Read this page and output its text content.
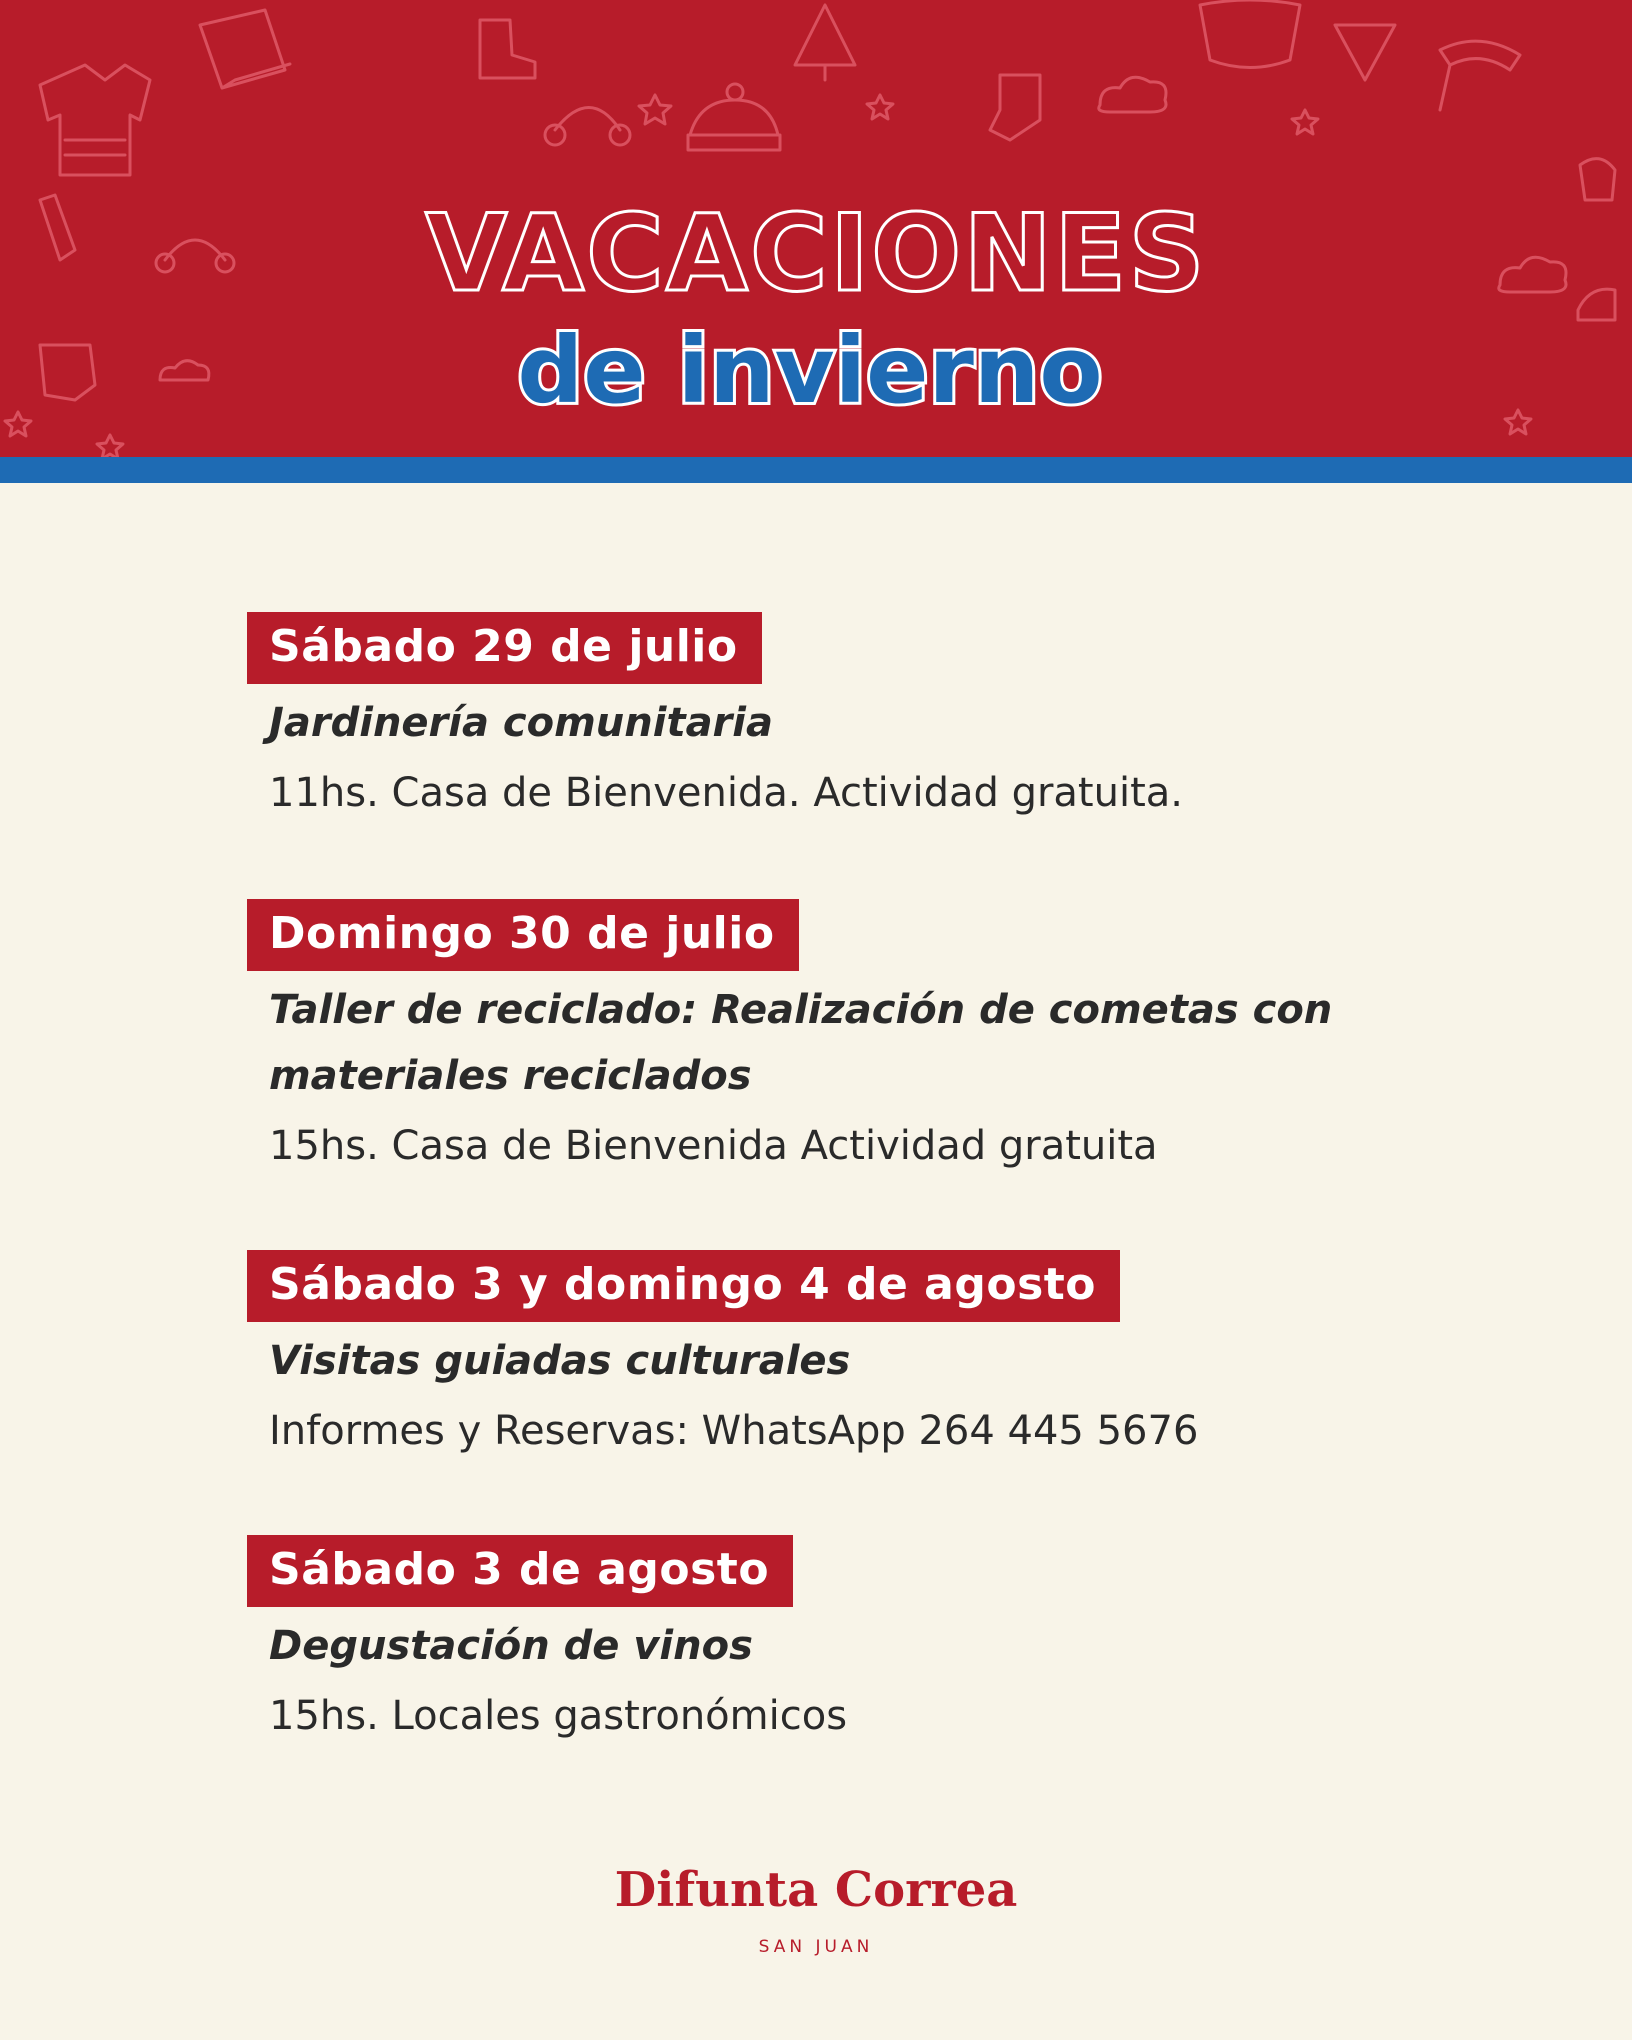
VACACIONES
de invierno
Sábado 29 de julio
Jardinería comunitaria
11hs. Casa de Bienvenida. Actividad gratuita.
Domingo 30 de julio
Taller de reciclado: Realización de cometas con materiales reciclados
15hs. Casa de Bienvenida Actividad gratuita
Sábado 3 y domingo 4 de agosto
Visitas guiadas culturales
Informes y Reservas: WhatsApp 264 445 5676
Sábado 3 de agosto
Degustación de vinos
15hs. Locales gastronómicos
Difunta Correa
SAN JUAN
